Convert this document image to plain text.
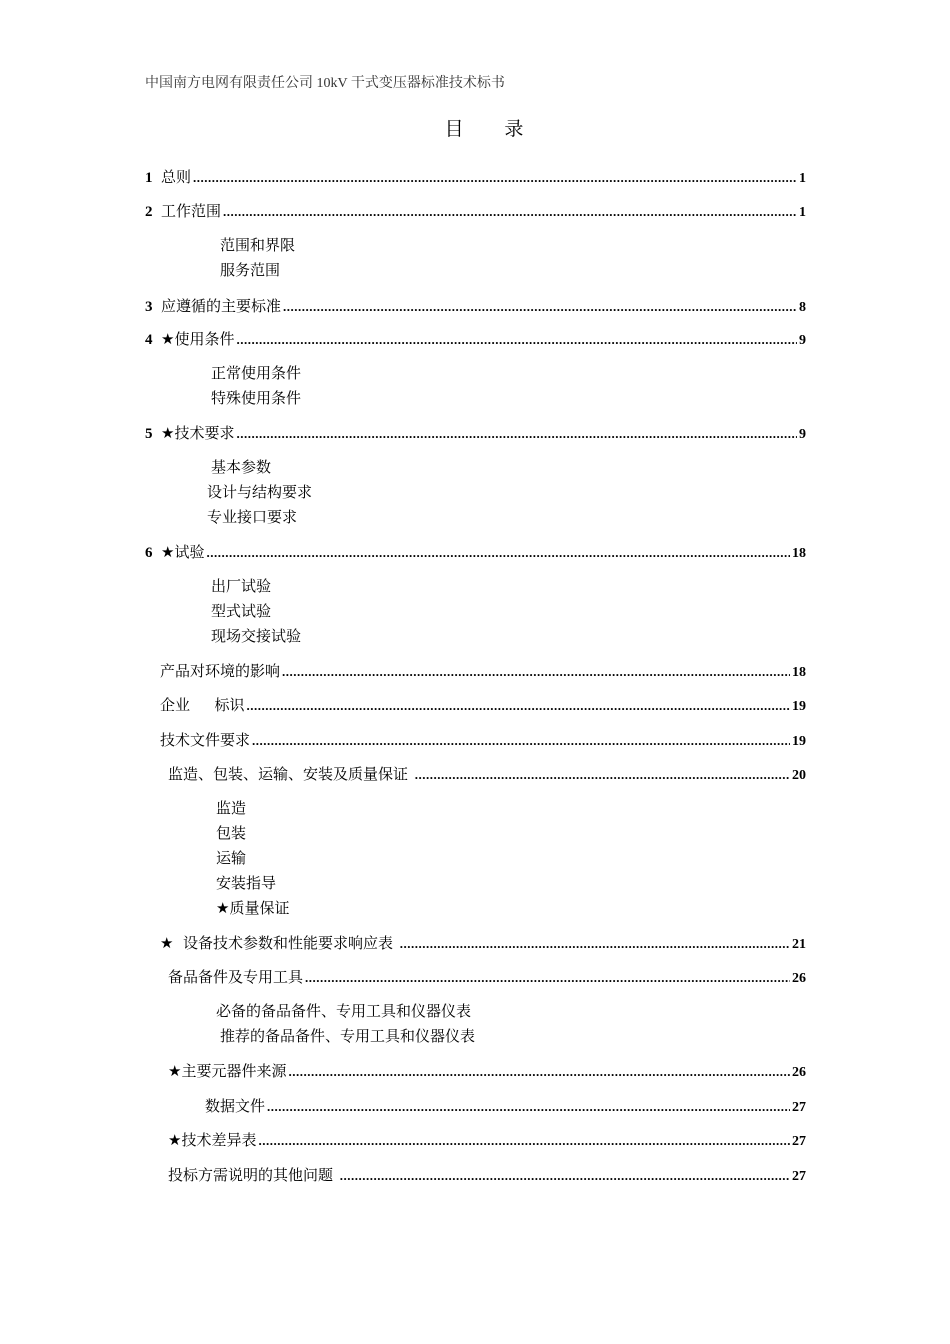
中国南方电网有限责任公司 10kV 干式变压器标准技术标书
目 录
1 总则 .....	1
2 工作范围 .....	1
范围和界限
服务范围
3 应遵循的主要标准 .....	8
4 ★使用条件 .....	9
正常使用条件
特殊使用条件
5 ★技术要求 .....	9
基本参数
设计与结构要求
专业接口要求
6 ★试验 .....	18
出厂试验
型式试验
现场交接试验
产品对环境的影响 .....	18
企业　  标识 .....	19
技术文件要求 .....	19
监造、包装、运输、安装及质量保证 .....	20
监造
包装
运输
安装指导
★质量保证
★  设备技术参数和性能要求响应表 .....	21
备品备件及专用工具 .....	26
必备的备品备件、专用工具和仪器仪表
推荐的备品备件、专用工具和仪器仪表
★主要元器件来源 .....	26
数据文件 .....	27
★技术差异表 .....	27
投标方需说明的其他问题 .....	27
